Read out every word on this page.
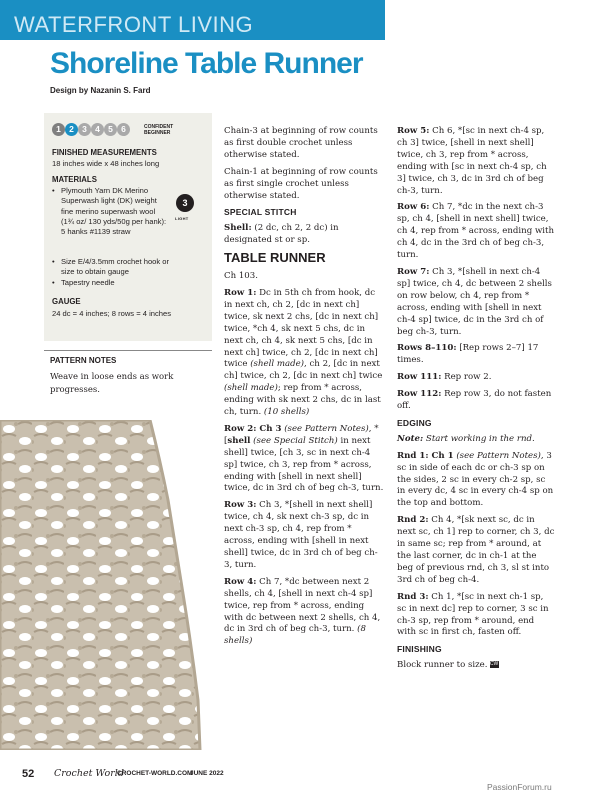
WATERFRONT LIVING
Shoreline Table Runner
Design by Nazanin S. Fard
1 2 3 4 5 6	CONFIDENT
BEGINNER
FINISHED MEASUREMENTS
18 inches wide x 48 inches long
MATERIALS
• Plymouth Yarn DK Merino Superwash light (DK) weight fine merino superwash wool (1¾ oz/ 130 yds/50g per hank): 5 hanks #1139 straw
• Size E/4/3.5mm crochet hook or size to obtain gauge
• Tapestry needle
3
LIGHT
GAUGE
24 dc = 4 inches; 8 rows = 4 inches
PATTERN NOTES
Weave in loose ends as work progresses.

Chain-3 at beginning of row counts as first double crochet unless otherwise stated.

Chain-1 at beginning of row counts as first single crochet unless otherwise stated.

SPECIAL STITCH

Shell: (2 dc, ch 2, 2 dc) in designated st or sp.

TABLE RUNNER

Ch 103.

Row 1: Dc in 5th ch from hook, dc in next ch, ch 2, [dc in next ch] twice, sk next 2 chs, [dc in next ch] twice, *ch 4, sk next 5 chs, dc in next ch, ch 4, sk next 5 chs, [dc in next ch] twice, ch 2, [dc in next ch] twice (shell made), ch 2, [dc in next ch] twice, ch 2, [dc in next ch] twice (shell made); rep from * across, ending with sk next 2 chs, dc in last ch, turn. (10 shells)

Row 2: Ch 3 (see Pattern Notes), *[shell (see Special Stitch) in next shell] twice, [ch 3, sc in next ch-4 sp] twice, ch 3, rep from * across, ending with [shell in next shell] twice, dc in 3rd ch of beg ch-3, turn.

Row 3: Ch 3, *[shell in next shell] twice, ch 4, sk next ch-3 sp, dc in next ch-3 sp, ch 4, rep from * across, ending with [shell in next shell] twice, dc in 3rd ch of beg ch-3, turn.

Row 4: Ch 7, *dc between next 2 shells, ch 4, [shell in next ch-4 sp] twice, rep from * across, ending with dc between next 2 shells, ch 4, dc in 3rd ch of beg ch-3, turn. (8 shells)

Row 5: Ch 6, *[sc in next ch-4 sp, ch 3] twice, [shell in next shell] twice, ch 3, rep from * across, ending with [sc in next ch-4 sp, ch 3] twice, ch 3, dc in 3rd ch of beg ch-3, turn.

Row 6: Ch 7, *dc in the next ch-3 sp, ch 4, [shell in next shell] twice, ch 4, rep from * across, ending with ch 4, dc in the 3rd ch of beg ch-3, turn.

Row 7: Ch 3, *[shell in next ch-4 sp] twice, ch 4, dc between 2 shells on row below, ch 4, rep from * across, ending with [shell in next ch-4 sp] twice, dc in the 3rd ch of beg ch-3, turn.

Rows 8–110: [Rep rows 2–7] 17 times.

Row 111: Rep row 2.

Row 112: Rep row 3, do not fasten off.

EDGING

Note: Start working in the rnd.

Rnd 1: Ch 1 (see Pattern Notes), 3 sc in side of each dc or ch-3 sp on the sides, 2 sc in every ch-2 sp, sc in every dc, 4 sc in every ch-4 sp on the top and bottom.

Rnd 2: Ch 4, *[sk next sc, dc in next sc, ch 1] rep to corner, ch 3, dc in same sc; rep from * around, at the last corner, dc in ch-1 at the beg of previous rnd, ch 3, sl st into 3rd ch of beg ch-4.

Rnd 3: Ch 1, *[sc in next ch-1 sp, sc in next dc] rep to corner, 3 sc in ch-3 sp, rep from * around, end with sc in first ch, fasten off.

FINISHING

Block runner to size. CW

52 Crochet World
CROCHET-WORLD.COM
JUNE 2022
PassionForum.ru
